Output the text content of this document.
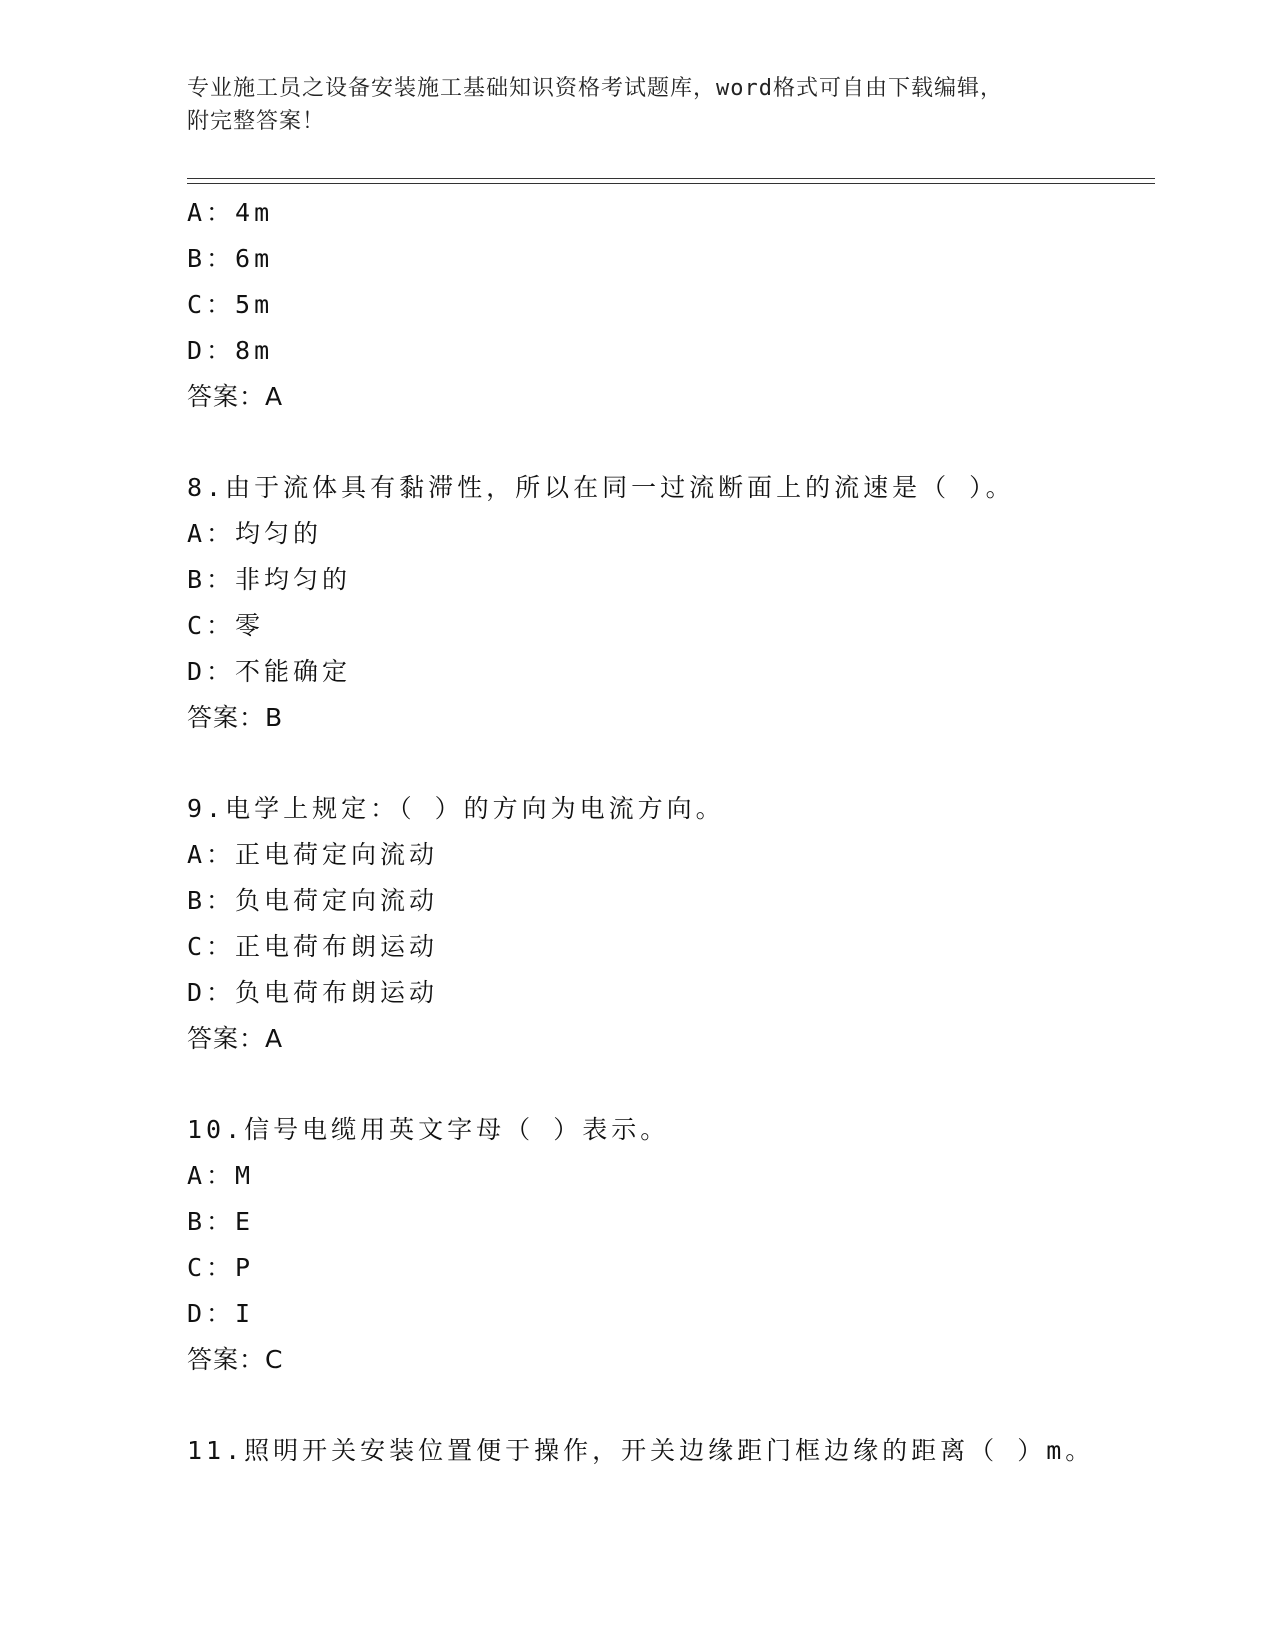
专业施工员之设备安装施工基础知识资格考试题库，word格式可自由下载编辑，
附完整答案！
A：4m
B：6m
C：5m
D：8m
答案：A
8.由于流体具有黏滞性，所以在同一过流断面上的流速是（ ）。
A：均匀的
B：非均匀的
C：零
D：不能确定
答案：B
9.电学上规定：（ ）的方向为电流方向。
A：正电荷定向流动
B：负电荷定向流动
C：正电荷布朗运动
D：负电荷布朗运动
答案：A
10.信号电缆用英文字母（ ）表示。
A：M
B：E
C：P
D：I
答案：C
11.照明开关安装位置便于操作，开关边缘距门框边缘的距离（ ）m。
